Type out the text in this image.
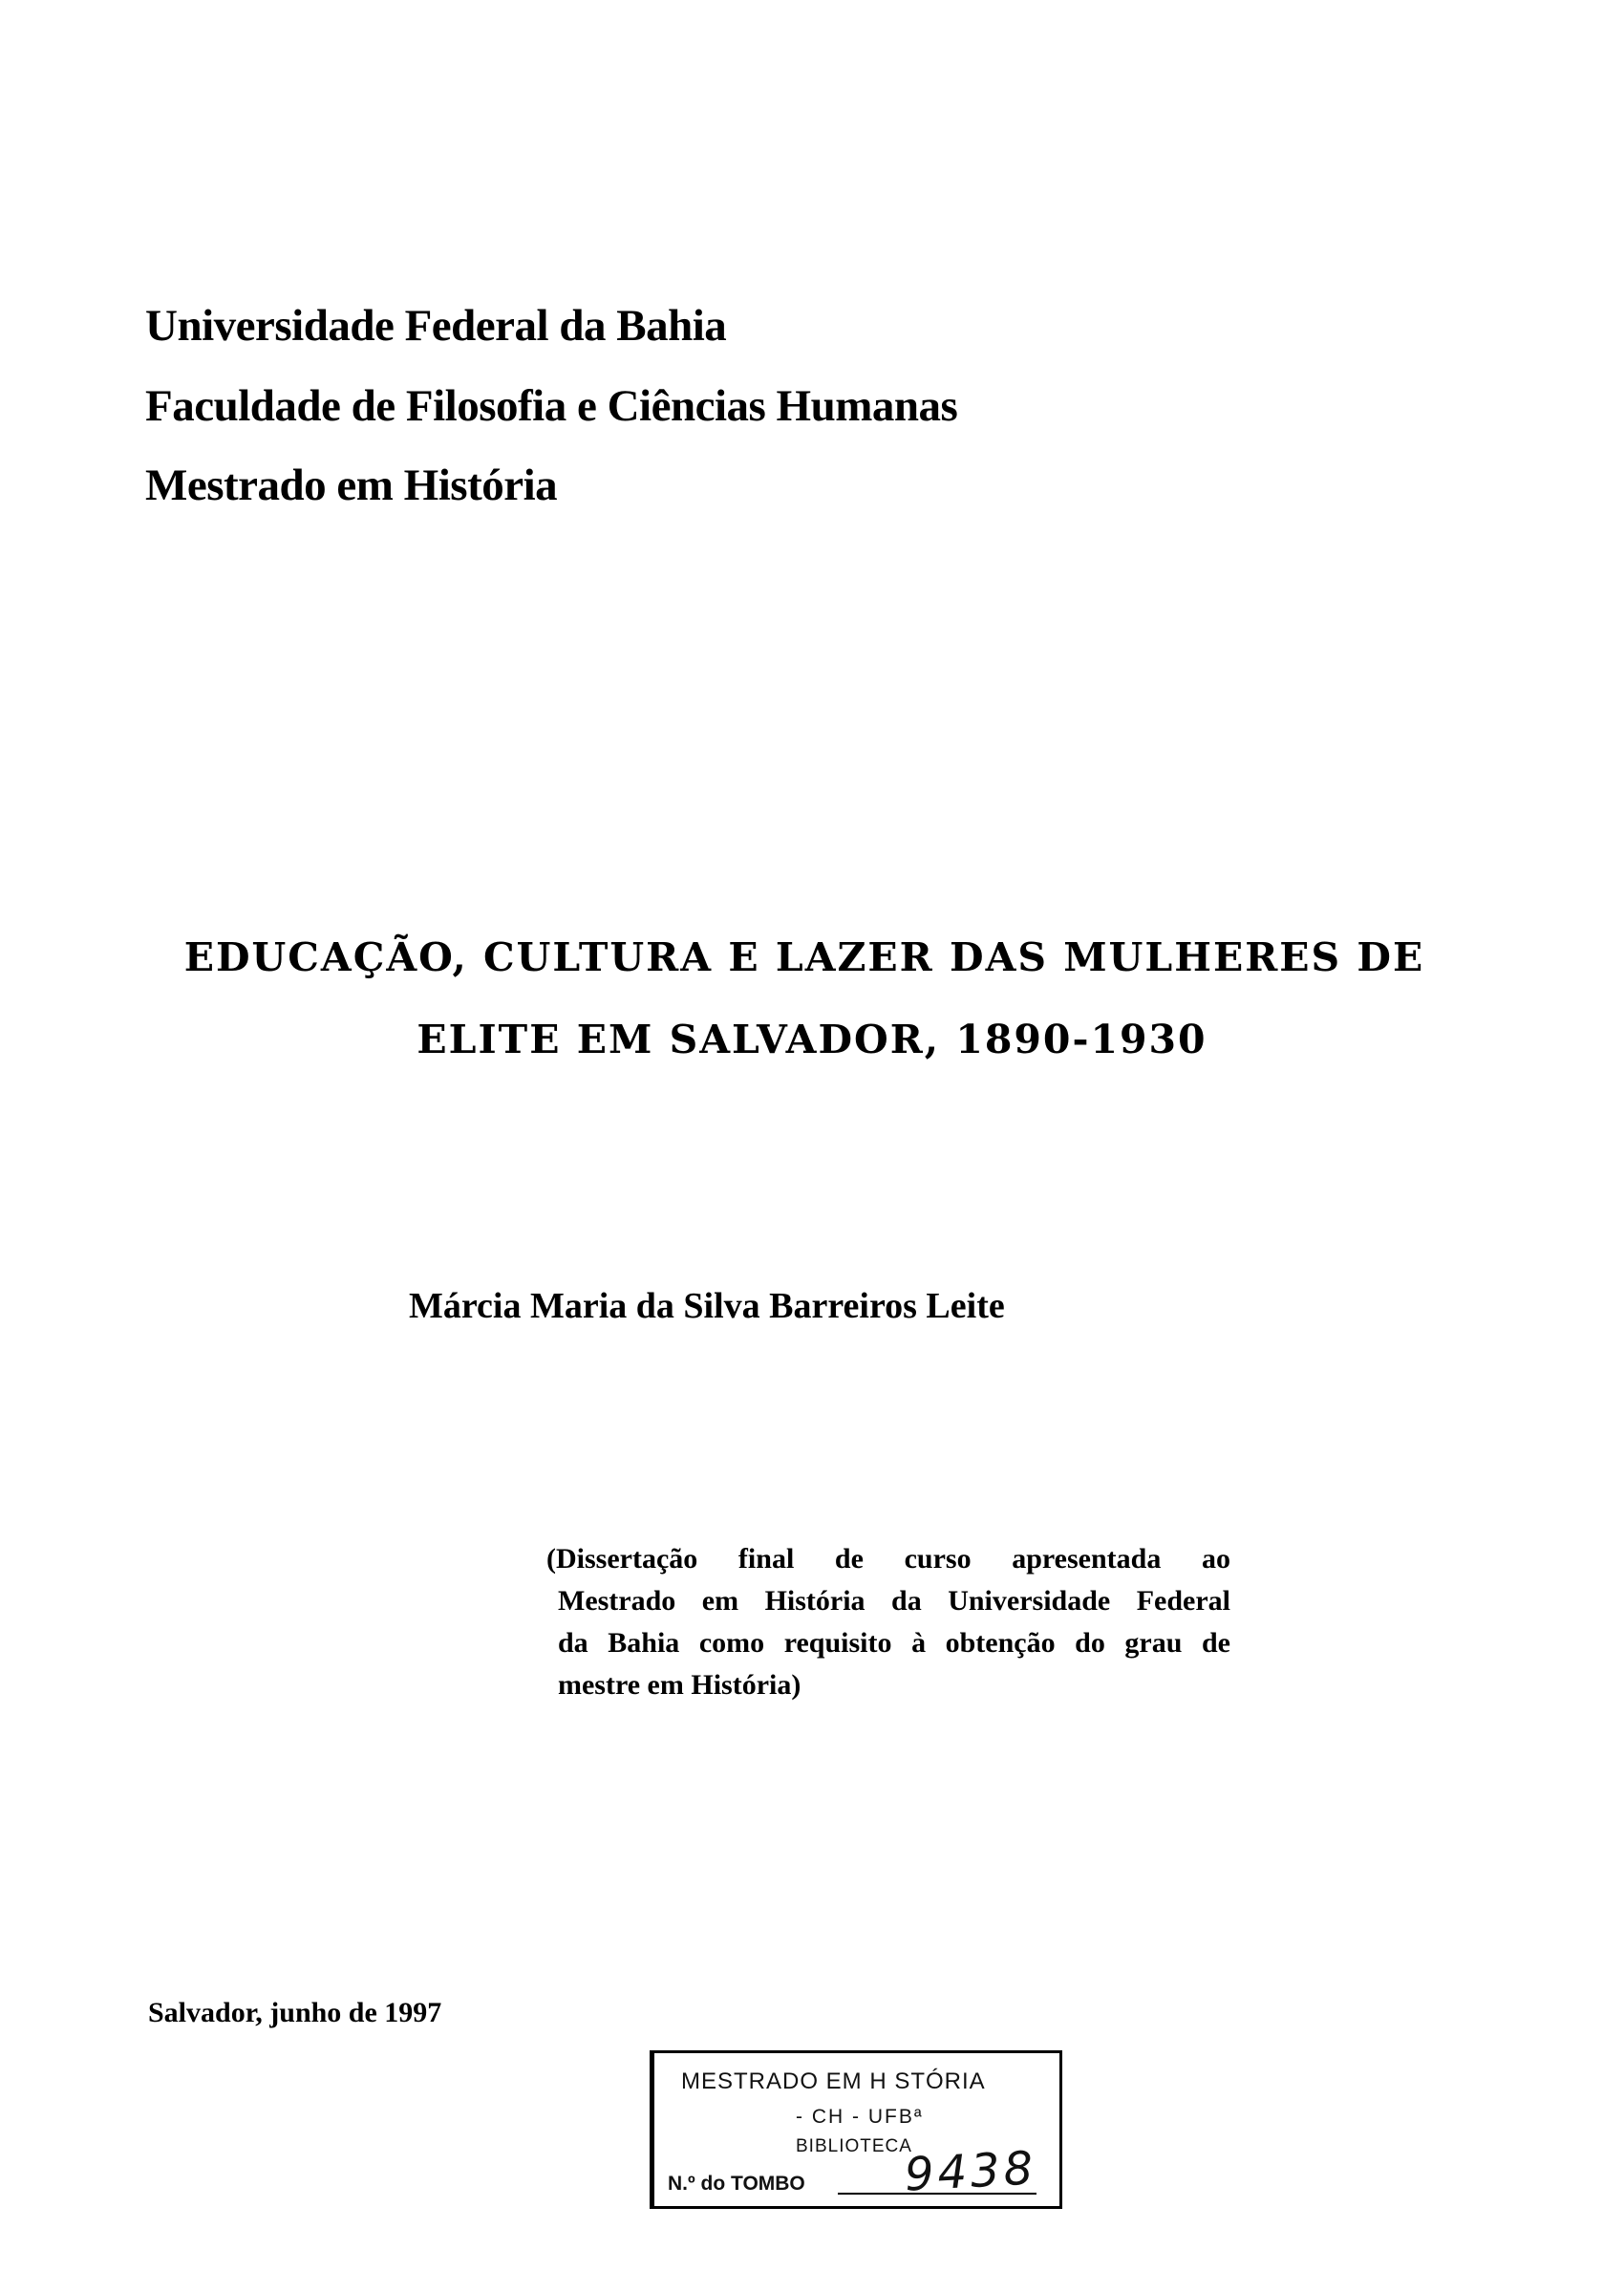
Universidade Federal da Bahia
Faculdade de Filosofia e Ciências Humanas
Mestrado em História
EDUCAÇÃO, CULTURA E LAZER DAS MULHERES DE
ELITE EM SALVADOR, 1890-1930
Márcia Maria da Silva Barreiros Leite
(Dissertação final de curso apresentada ao
Mestrado em História da Universidade Federal
da Bahia como requisito à obtenção do grau de
mestre em História)
Salvador, junho de 1997
MESTRADO EM H STÓRIA
- CH - UFBª
BIBLIOTECA
N.º do TOMBO 9438
